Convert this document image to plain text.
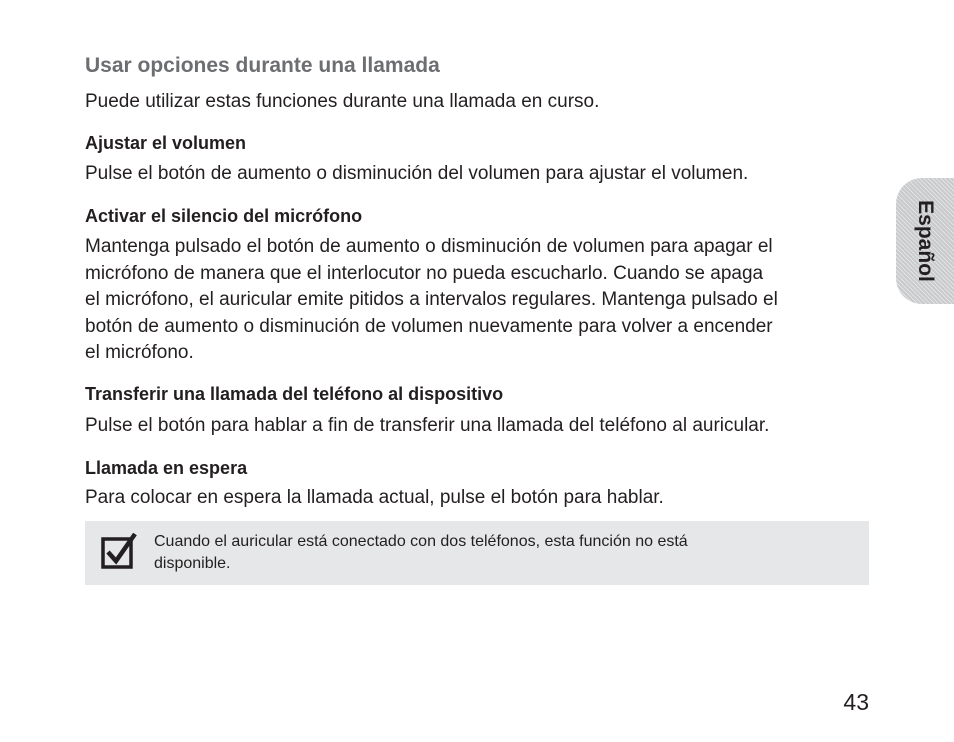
Usar opciones durante una llamada

Puede utilizar estas funciones durante una llamada en curso.

Ajustar el volumen

Pulse el botón de aumento o disminución del volumen para ajustar el volumen.

Activar el silencio del micrófono

Mantenga pulsado el botón de aumento o disminución de volumen para apagar el
micrófono de manera que el interlocutor no pueda escucharlo. Cuando se apaga
el micrófono, el auricular emite pitidos a intervalos regulares. Mantenga pulsado el
botón de aumento o disminución de volumen nuevamente para volver a encender
el micrófono.

Transferir una llamada del teléfono al dispositivo

Pulse el botón para hablar a fin de transferir una llamada del teléfono al auricular.

Llamada en espera

Para colocar en espera la llamada actual, pulse el botón para hablar.

Cuando el auricular está conectado con dos teléfonos, esta función no está
disponible.

Español

43
